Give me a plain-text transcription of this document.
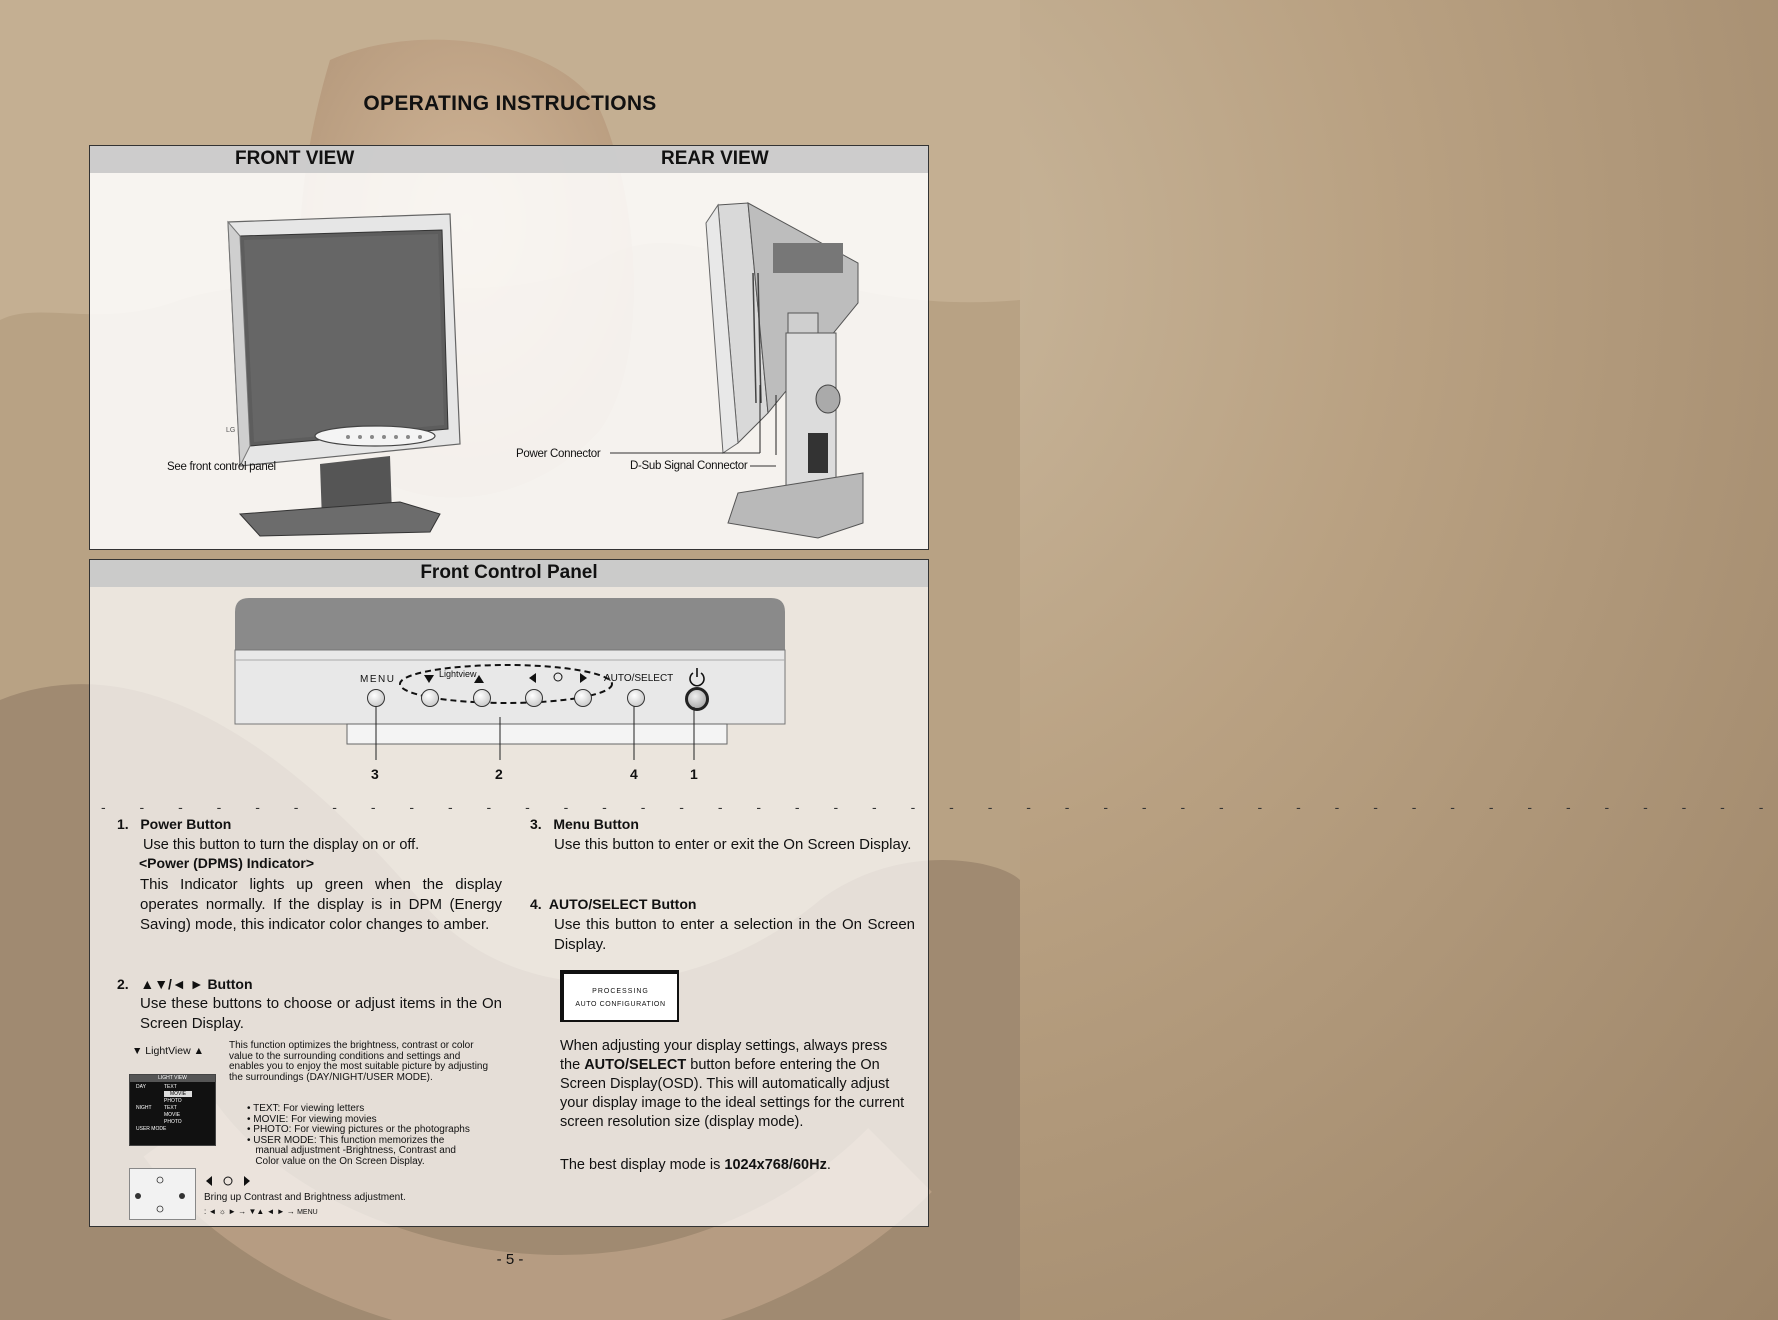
OPERATING INSTRUCTIONS
FRONT VIEW	REAR VIEW
LG
See front control panel
Power Connector
D-Sub Signal Connector
Front Control Panel
MENU	Lightview	AUTO/SELECT
3	2	4	1
- - - - - - - - - - - - - - - - - - - - - - - - - - - - - - - - - - - - - - - - - - - -
1.   Power Button
Use this button to turn the display on or off.
<Power (DPMS) Indicator>
This Indicator lights up green when the display operates normally. If the display is in DPM (Energy Saving) mode, this indicator color changes to amber.
2.   ▲▼/◄ ► Button
Use these buttons to choose or adjust items in the On Screen Display.
▼ LightView ▲	This function optimizes the brightness, contrast or color value to the surrounding conditions and settings and enables you to enjoy the most suitable picture by adjusting the surroundings (DAY/NIGHT/USER MODE).
LIGHT VIEW
DAY	TEXT
MOVIE
PHOTO
NIGHT TEXT
MOVIE
PHOTO
USER MODE
• TEXT: For viewing letters
• MOVIE: For viewing movies
• PHOTO: For viewing pictures or the photographs
• USER MODE: This function memorizes the
manual adjustment -Brightness, Contrast and
Color value on the On Screen Display.
Bring up Contrast and Brightness adjustment.
: ◄ ☼ ► → ▼▲ ◄ ► → MENU
3.   Menu Button
Use this button to enter or exit the On Screen Display.
4.  AUTO/SELECT Button
Use this button to enter a selection in the On Screen Display.
PROCESSING
AUTO CONFIGURATION
When adjusting your display settings, always press the AUTO/SELECT button before entering the On Screen Display(OSD). This will automatically adjust your display image to the ideal settings for the current screen resolution size (display mode).
The best display mode is 1024x768/60Hz.
- 5 -
